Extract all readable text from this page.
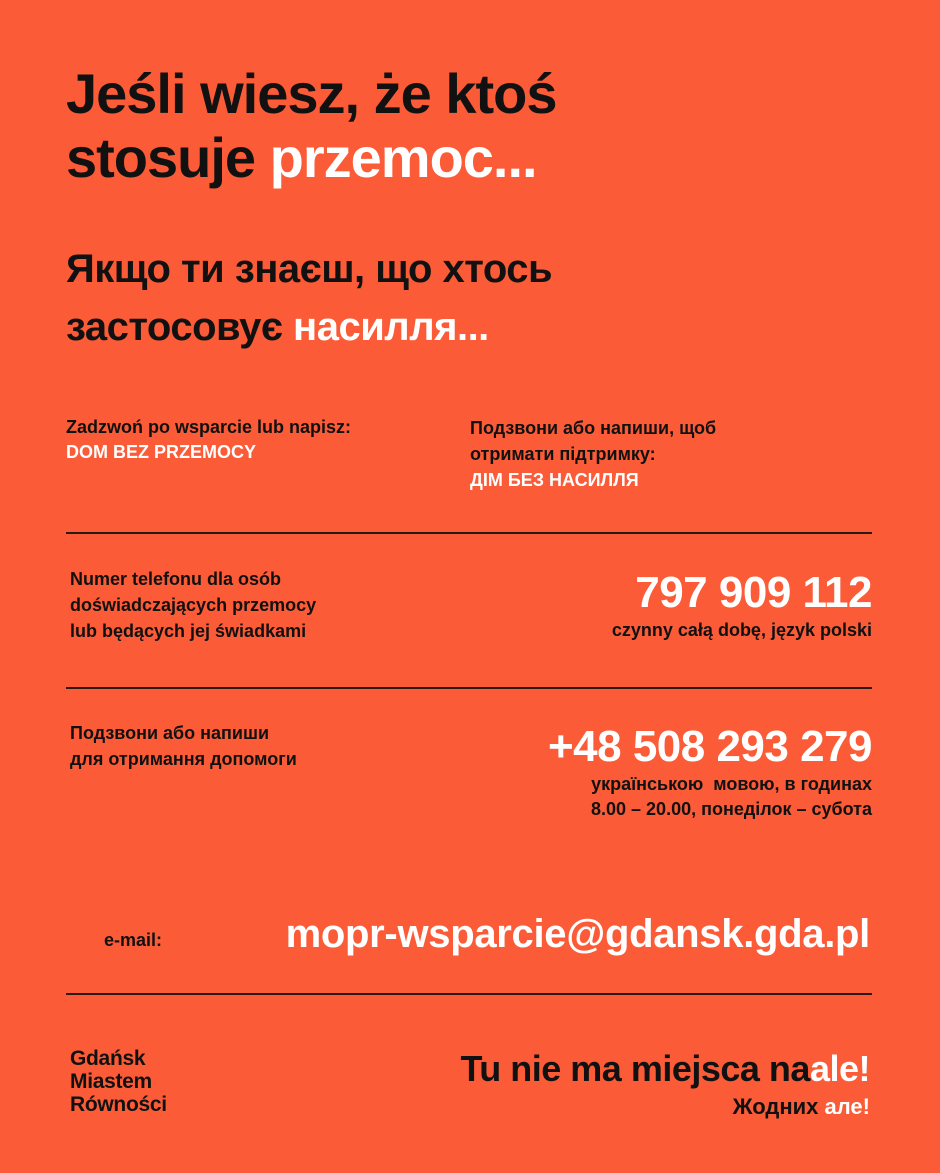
Jeśli wiesz, że ktoś
stosuje przemoc...
Якщо ти знаєш, що хтось
застосовує насилля...
Zadzwoń po wsparcie lub napisz:
DOM BEZ PRZEMOCY
Подзвони або напиши, щоб
отримати підтримку:
ДІМ БЕЗ НАСИЛЛЯ
Numer telefonu dla osób
doświadczających przemocy
lub będących jej świadkami
797 909 112
czynny całą dobę, język polski
Подзвони або напиши
для отримання допомоги	+48 508 293 279
українською  мовою, в годинах
8.00 – 20.00, понеділок – субота
e-mail:	mopr-wsparcie@gdansk.gda.pl
Gdańsk
Miastem
Równości
Tu nie ma miejsca naale!
Жодних але!
